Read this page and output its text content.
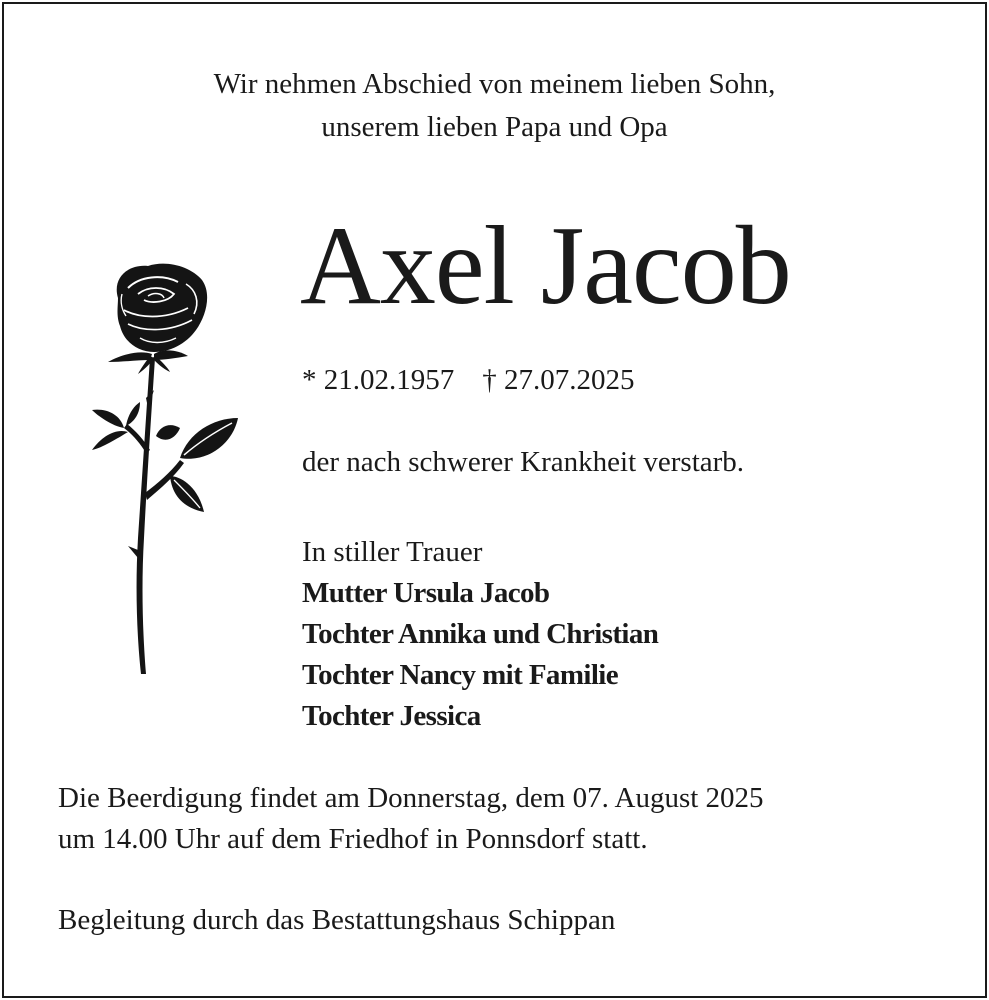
Wir nehmen Abschied von meinem lieben Sohn,
unserem lieben Papa und Opa
Axel Jacob
* 21.02.1957 † 27.07.2025
der nach schwerer Krankheit verstarb.
In stiller Trauer
Mutter Ursula Jacob
Tochter Annika und Christian
Tochter Nancy mit Familie
Tochter Jessica
Die Beerdigung findet am Donnerstag, dem 07. August 2025
um 14.00 Uhr auf dem Friedhof in Ponnsdorf statt.
Begleitung durch das Bestattungshaus Schippan
